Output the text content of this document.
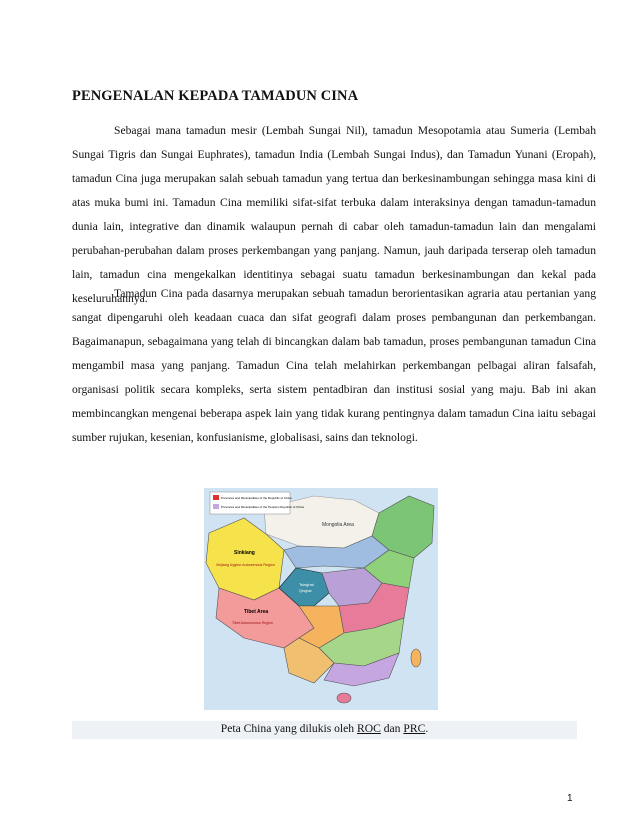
PENGENALAN KEPADA TAMADUN CINA

Sebagai mana tamadun mesir (Lembah Sungai Nil), tamadun Mesopotamia atau Sumeria (Lembah Sungai Tigris dan Sungai Euphrates), tamadun India (Lembah Sungai Indus), dan Tamadun Yunani (Eropah), tamadun Cina juga merupakan salah sebuah tamadun yang tertua dan berkesinambungan sehingga masa kini di atas muka bumi ini. Tamadun Cina memiliki sifat-sifat terbuka dalam interaksinya dengan tamadun-tamadun dunia lain, integrative dan dinamik walaupun pernah di cabar oleh tamadun-tamadun lain dan mengalami perubahan-perubahan dalam proses perkembangan yang panjang. Namun, jauh daripada terserap oleh tamadun lain, tamadun cina mengekalkan identitinya sebagai suatu tamadun berkesinambungan dan kekal pada keseluruhannya.

Tamadun Cina pada dasarnya merupakan sebuah tamadun berorientasikan agraria atau pertanian yang sangat dipengaruhi oleh keadaan cuaca dan sifat geografi dalam proses pembangunan dan perkembangan. Bagaimanapun, sebagaimana yang telah di bincangkan dalam bab tamadun, proses pembangunan tamadun Cina mengambil masa yang panjang. Tamadun Cina telah melahirkan perkembangan pelbagai aliran falsafah, organisasi politik secara kompleks, serta sistem pentadbiran dan institusi sosial yang maju. Bab ini akan membincangkan mengenai beberapa aspek lain yang tidak kurang pentingnya dalam tamadun Cina iaitu sebagai sumber rujukan, kesenian, konfusianisme, globalisasi, sains dan teknologi.

Provinces and Municipalities of the Republic of China
Provinces and Municipalities of the People's Republic of China
Mongolia Area
Sinkiang
Xinjiang Uyghur Autonomous Region
Tibet Area
Tibet Autonomous Region
Tsinghai
Qinghai
Peta China yang dilukis oleh ROC dan PRC.
1
